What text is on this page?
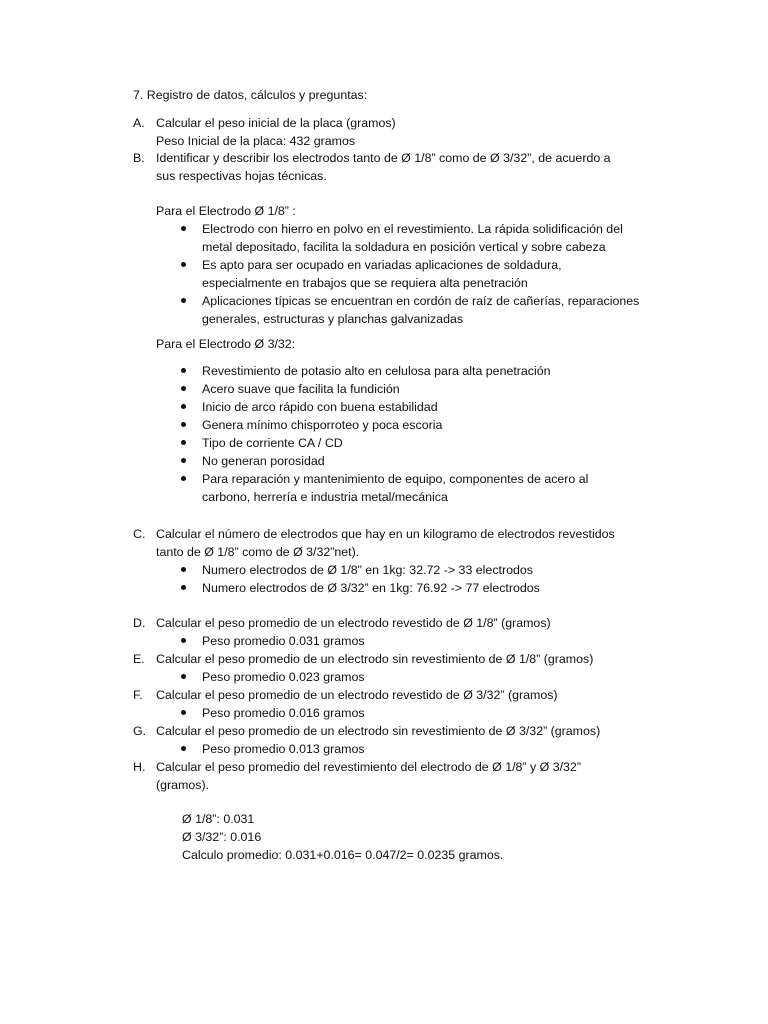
7. Registro de datos, cálculos y preguntas:

A. Calcular el peso inicial de la placa (gramos)

Peso Inicial de la placa: 432 gramos

B. Identificar y describir los electrodos tanto de Ø 1/8” como de Ø 3/32”, de acuerdo a

sus respectivas hojas técnicas.

Para el Electrodo Ø 1/8” :

Electrodo con hierro en polvo en el revestimiento. La rápida solidificación del

metal depositado, facilita la soldadura en posición vertical y sobre cabeza

Es apto para ser ocupado en variadas aplicaciones de soldadura,

especialmente en trabajos que se requiera alta penetración

Aplicaciones típicas se encuentran en cordón de raíz de cañerías, reparaciones

generales, estructuras y planchas galvanizadas

Para el Electrodo Ø 3/32:

Revestimiento de potasio alto en celulosa para alta penetración

Acero suave que facilita la fundición

Inicio de arco rápido con buena estabilidad

Genera mínimo chisporroteo y poca escoria

Tipo de corriente CA / CD

No generan porosidad

Para reparación y mantenimiento de equipo, componentes de acero al

carbono, herrería e industria metal/mecánica

C. Calcular el número de electrodos que hay en un kilogramo de electrodos revestidos

tanto de Ø 1/8” como de Ø 3/32”net).

Numero electrodos de Ø 1/8” en 1kg: 32.72 -> 33 electrodos

Numero electrodos de Ø 3/32” en 1kg: 76.92 -> 77 electrodos

D. Calcular el peso promedio de un electrodo revestido de Ø 1/8” (gramos)

Peso promedio 0.031 gramos

E. Calcular el peso promedio de un electrodo sin revestimiento de Ø 1/8” (gramos)

Peso promedio 0.023 gramos

F. Calcular el peso promedio de un electrodo revestido de Ø 3/32” (gramos)

Peso promedio 0.016 gramos

G. Calcular el peso promedio de un electrodo sin revestimiento de Ø 3/32” (gramos)

Peso promedio 0.013 gramos

H. Calcular el peso promedio del revestimiento del electrodo de Ø 1/8” y Ø 3/32”

(gramos).

Ø 1/8”: 0.031

Ø 3/32”: 0.016

Calculo promedio: 0.031+0.016= 0.047/2= 0.0235 gramos.
